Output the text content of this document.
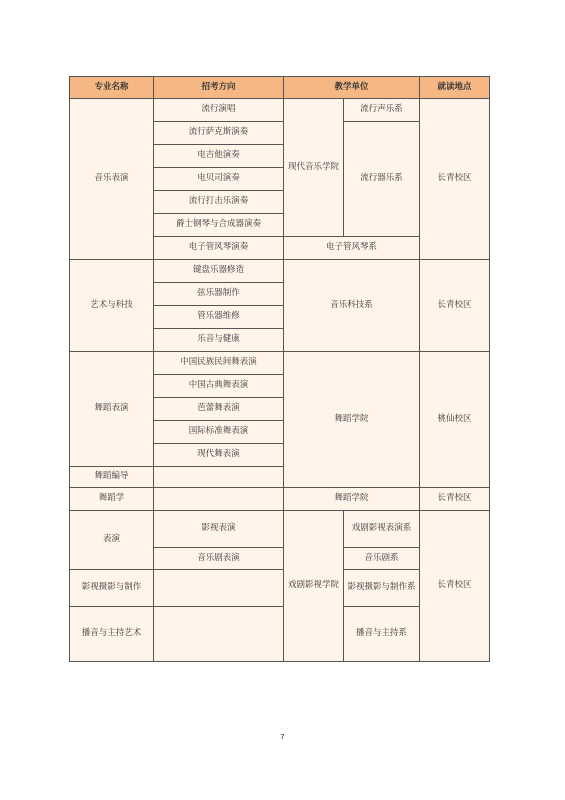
专业名称	招考方向	教学单位		就读地点
音乐表演	流行演唱	现代音乐学院	流行声乐系	长青校区
	流行萨克斯演奏		流行器乐系	
	电吉他演奏			
	电贝司演奏			
	流行打击乐演奏			
	爵士钢琴与合成器演奏			
	电子管风琴演奏	电子管风琴系		
艺术与科技	键盘乐器修造	音乐科技系		长青校区
	弦乐器制作			
	管乐器维修			
	乐音与健康			
舞蹈表演	中国民族民间舞表演	舞蹈学院		桃仙校区
	中国古典舞表演			
	芭蕾舞表演			
	国际标准舞表演			
	现代舞表演			
舞蹈编导				
舞蹈学		舞蹈学院		长青校区
表演	影视表演	戏剧影视学院	戏剧影视表演系	长青校区
	音乐剧表演		音乐剧系	
影视摄影与制作			影视摄影与制作系	
播音与主持艺术			播音与主持系	
7
